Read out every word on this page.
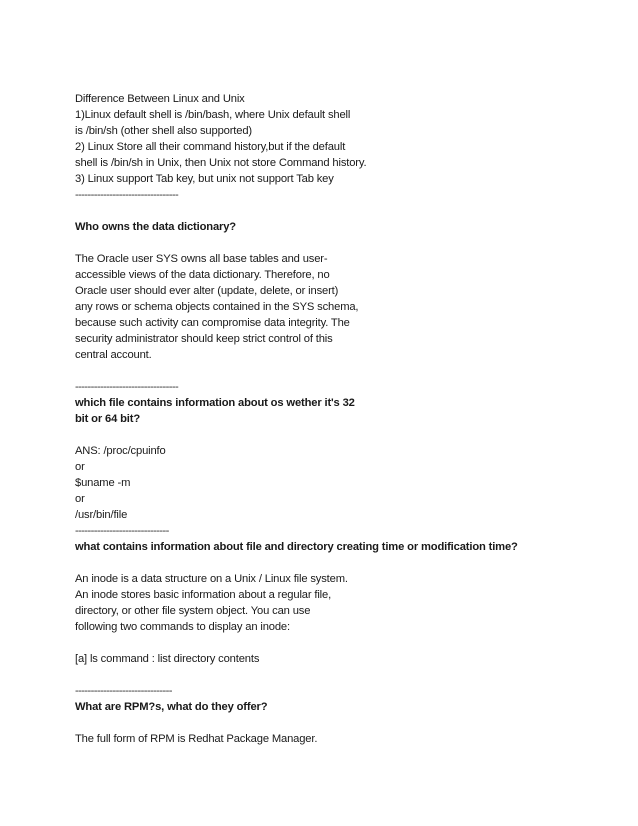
Difference Between Linux and Unix
1)Linux default shell is /bin/bash, where Unix default shell
is /bin/sh (other shell also supported)
2) Linux Store all their command history,but if the default
shell is /bin/sh in Unix, then Unix not store Command history.
3) Linux support Tab key, but unix not support Tab key
---------------------------------
Who owns the data dictionary?
The Oracle user SYS owns all base tables and user-
accessible views of the data dictionary. Therefore, no
Oracle user should ever alter (update, delete, or insert)
any rows or schema objects contained in the SYS schema,
because such activity can compromise data integrity. The
security administrator should keep strict control of this
central account.
---------------------------------
which file contains information about os wether it's 32
bit or 64 bit?
ANS: /proc/cpuinfo
or
$uname -m
or
/usr/bin/file
------------------------------
what contains information about file and directory creating time or modification time?
An inode is a data structure on a Unix / Linux file system.
An inode stores basic information about a regular file,
directory, or other file system object. You can use
following two commands to display an inode:
[a] ls command : list directory contents
-------------------------------
What are RPM?s, what do they offer?
The full form of RPM is Redhat Package Manager.
